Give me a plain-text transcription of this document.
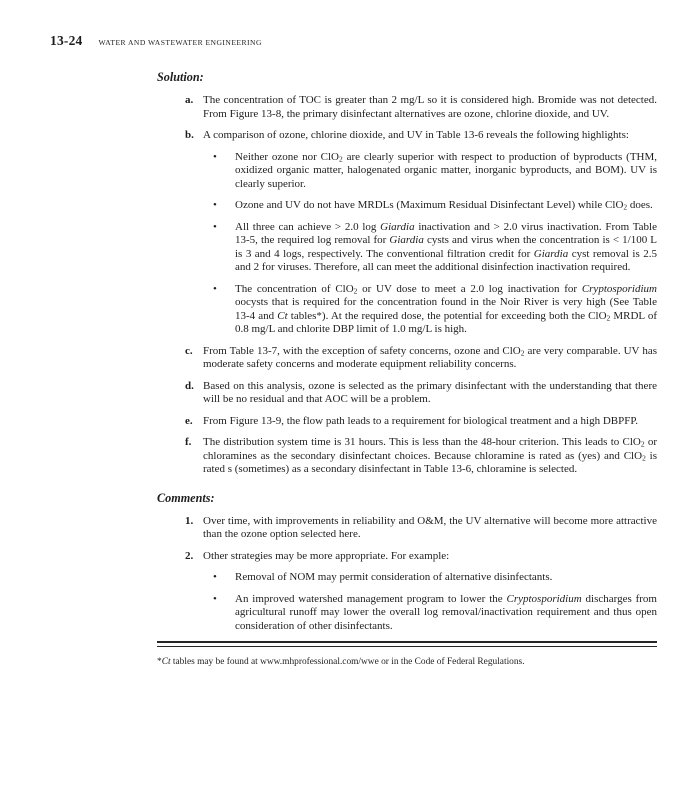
13-24 WATER AND WASTEWATER ENGINEERING
Solution:
a. The concentration of TOC is greater than 2 mg/L so it is considered high. Bromide was not detected. From Figure 13-8, the primary disinfectant alternatives are ozone, chlorine dioxide, and UV.
b. A comparison of ozone, chlorine dioxide, and UV in Table 13-6 reveals the following highlights:
•	Neither ozone nor ClO$_2$ are clearly superior with respect to production of byproducts (THM, oxidized organic matter, halogenated organic matter, inorganic byproducts, and BOM). UV is clearly superior.
•	Ozone and UV do not have MRDLs (Maximum Residual Disinfectant Level) while ClO$_2$ does.
•	All three can achieve > 2.0 log Giardia inactivation and > 2.0 virus inactivation. From Table 13-5, the required log removal for Giardia cysts and virus when the concentration is < 1/100 L is 3 and 4 logs, respectively. The conventional filtration credit for Giardia cyst removal is 2.5 and 2 for viruses. Therefore, all can meet the additional disinfection inactivation required.
•	The concentration of ClO$_2$ or UV dose to meet a 2.0 log inactivation for Cryptosporidium oocysts that is required for the concentration found in the Noir River is very high (See Table 13-4 and Ct tables*). At the required dose, the potential for exceeding both the ClO$_2$ MRDL of 0.8 mg/L and chlorite DBP limit of 1.0 mg/L is high.
c. From Table 13-7, with the exception of safety concerns, ozone and ClO$_2$ are very comparable. UV has moderate safety concerns and moderate equipment reliability concerns.
d. Based on this analysis, ozone is selected as the primary disinfectant with the understanding that there will be no residual and that AOC will be a problem.
e. From Figure 13-9, the flow path leads to a requirement for biological treatment and a high DBPFP.
f.	The distribution system time is 31 hours. This is less than the 48-hour criterion. This leads to ClO$_2$ or chloramines as the secondary disinfectant choices. Because chloramine is rated as (yes) and ClO$_2$ is rated s (sometimes) as a secondary disinfectant in Table 13-6, chloramine is selected.
Comments:
1. Over time, with improvements in reliability and O&M, the UV alternative will become more attractive than the ozone option selected here.
2. Other strategies may be more appropriate. For example:
•	Removal of NOM may permit consideration of alternative disinfectants.
•	An improved watershed management program to lower the Cryptosporidium discharges from agricultural runoff may lower the overall log removal/inactivation requirement and thus open consideration of other disinfectants.
*Ct tables may be found at www.mhprofessional.com/wwe or in the Code of Federal Regulations.
